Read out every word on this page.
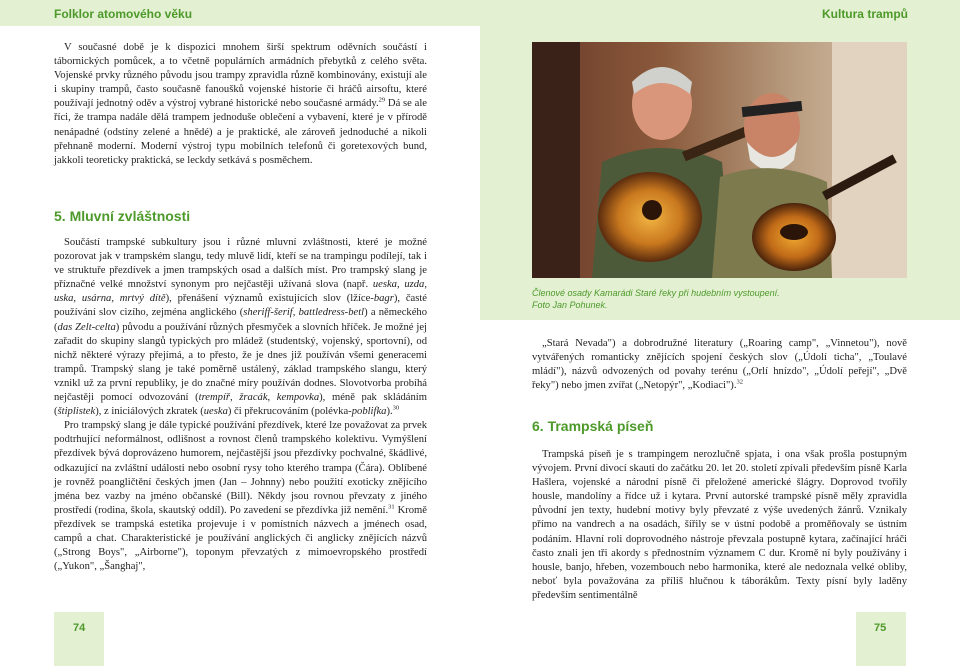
Folklor atomového věku

V současné době je k dispozici mnohem širší spektrum oděvních součástí i tábornických pomůcek, a to včetně populárních armádních přebytků z celého světa. Vojenské prvky různého původu jsou trampy zpravidla různě kombinovány, existují ale i skupiny trampů, často současně fanoušků vojenské historie či hráčů airsoftu, které používají jednotný oděv a výstroj vybrané historické nebo současné armády.$^{29}$ Dá se ale říci, že trampa nadále dělá trampem jednoduše oblečení a vybavení, které je v přírodě nenápadné (odstíny zelené a hnědé) a je praktické, ale zároveň jednoduché a nikoli přehnaně moderní. Moderní výstroj typu mobilních telefonů či goretexových bund, jakkoli teoreticky praktická, se leckdy setkává s posměchem.

5. Mluvní zvláštnosti

Součástí trampské subkultury jsou i různé mluvní zvláštnosti, které je možné pozorovat jak v trampském slangu, tedy mluvě lidí, kteří se na trampingu podílejí, tak i ve struktuře přezdívek a jmen trampských osad a dalších míst. Pro trampský slang je příznačné velké množství synonym pro nejčastěji užívaná slova (např. ueska, uzda, uska, usárna, mrtvý dítě), přenášení významů existujících slov (lžíce-bagr), časté používání slov cizího, zejména anglického (sheriff-šerif, battledress-betl) a německého (das Zelt-celta) původu a používání různých přesmyček a slovních hříček. Je možné jej zařadit do skupiny slangů typických pro mládež (studentský, vojenský, sportovní), od nichž některé výrazy přejímá, a to přesto, že je dnes již používán všemi generacemi trampů. Trampský slang je také poměrně ustálený, základ trampského slangu, který vznikl už za první republiky, je do značné míry používán dodnes. Slovotvorba probíhá nejčastěji pomocí odvozování (trempíř, žracák, kempovka), méně pak skládáním (štiplistek), z iniciálových zkratek (ueska) či překrucováním (polévka-poblifka).$^{30}$

Pro trampský slang je dále typické používání přezdívek, které lze považovat za prvek podtrhující neformálnost, odlišnost a rovnost členů trampského kolektivu. Vymýšlení přezdívek bývá doprovázeno humorem, nejčastější jsou přezdívky pochvalné, škádlivé, odkazující na zvláštní události nebo osobní rysy toho kterého trampa (Čára). Oblíbené je rovněž poangličtění českých jmen (Jan – Johnny) nebo použití exoticky znějícího jména bez vazby na jméno občanské (Bill). Někdy jsou rovnou převzaty z jiného prostředí (rodina, škola, skautský oddíl). Po zavedení se přezdívka již nemění.$^{31}$ Kromě přezdívek se trampská estetika projevuje i v pomístních názvech a jménech osad, campů a chat. Charakteristické je používání anglických či anglicky znějících názvů („Strong Boys", „Airborne"), toponym převzatých z mimoevropského prostředí („Yukon", „Šanghaj",

74
Kultura trampů
Členové osady Kamarádi Staré řeky při hudebním vystoupení.
Foto Jan Pohunek.

„Stará Nevada") a dobrodružné literatury („Roaring camp", „Vinnetou"), nově vytvářených romanticky znějících spojení českých slov („Údolí ticha", „Toulavé mládí"), názvů odvozených od povahy terénu („Orlí hnízdo", „Údolí peřejí", „Dvě řeky") nebo jmen zvířat („Netopýr", „Kodiaci").$^{32}$

6. Trampská píseň

Trampská píseň je s trampingem nerozlučně spjata, i ona však prošla postupným vývojem. První divocí skauti do začátku 20. let 20. století zpívali především písně Karla Hašlera, vojenské a národní písně či přeložené americké šlágry. Doprovod tvořily housle, mandolíny a řídce už i kytara. První autorské trampské písně měly zpravidla původní jen texty, hudební motivy byly převzaté z výše uvedených žánrů. Vznikaly přímo na vandrech a na osadách, šířily se v ústní podobě a proměňovaly se ústním podáním. Hlavní roli doprovodného nástroje převzala postupně kytara, začínající hráči často znali jen tři akordy s přednostním významem C dur. Kromě ní byly používány i housle, banjo, hřeben, vozembouch nebo harmonika, které ale nedoznala velké obliby, neboť byla považována za příliš hlučnou k táborákům. Texty písní byly laděny především sentimentálně

75
